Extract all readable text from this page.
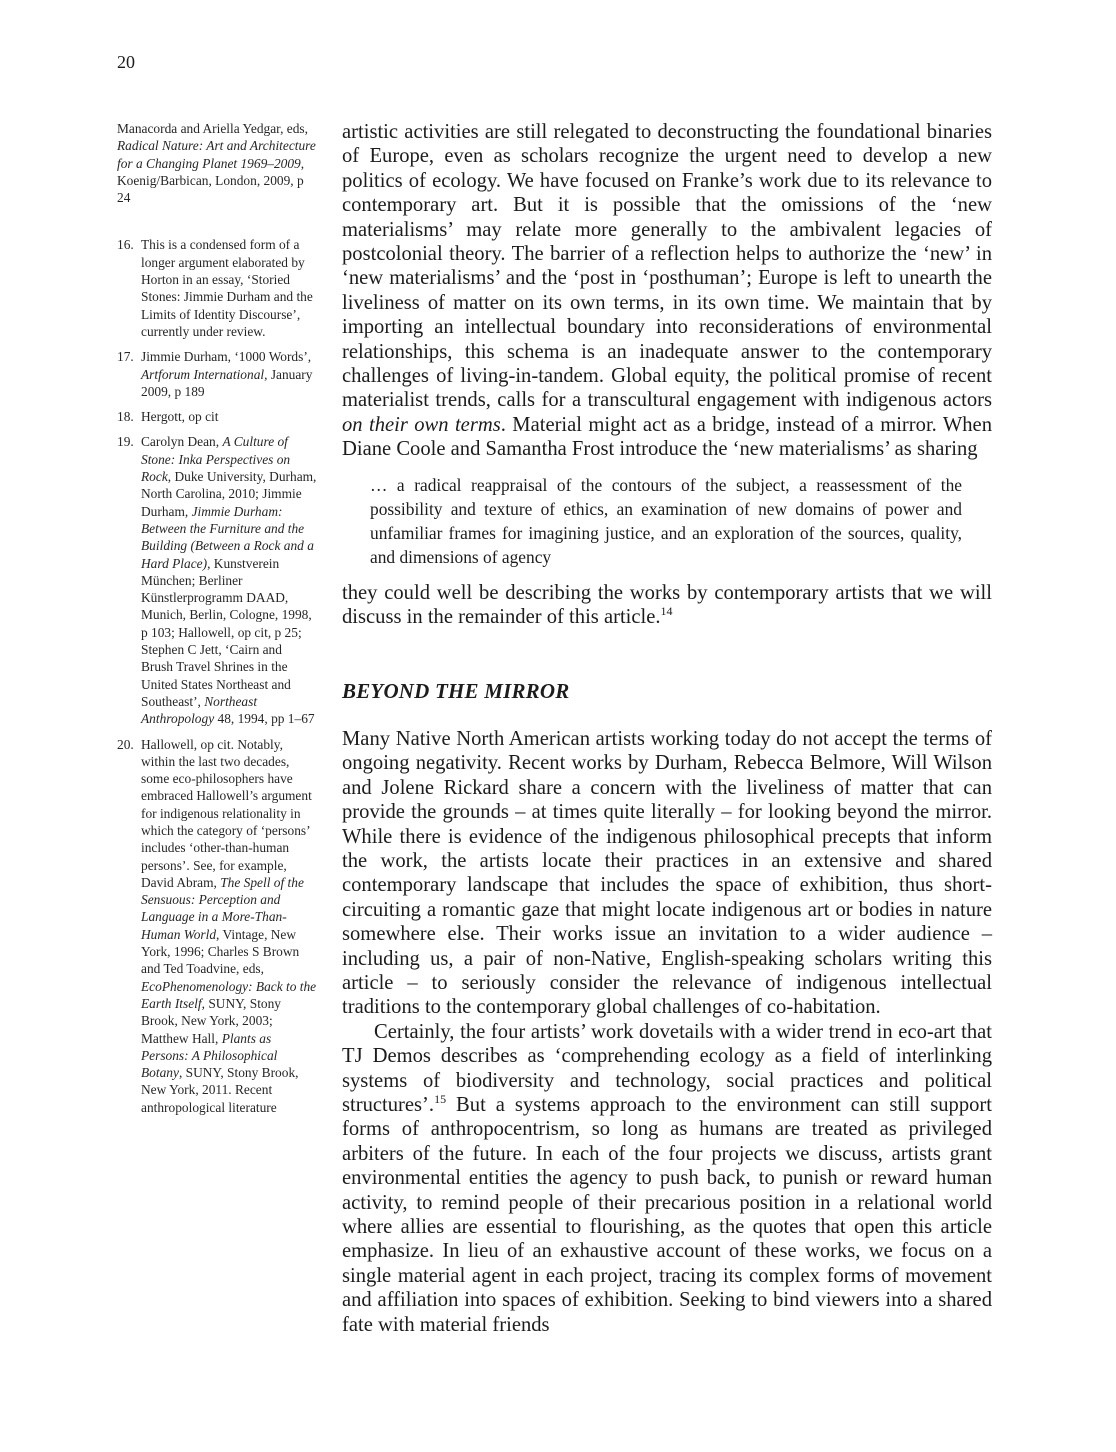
20
Manacorda and Ariella Yedgar, eds, Radical Nature: Art and Architecture for a Changing Planet 1969–2009, Koenig/Barbican, London, 2009, p 24
16. This is a condensed form of a longer argument elaborated by Horton in an essay, ‘Storied Stones: Jimmie Durham and the Limits of Identity Discourse’, currently under review.
17. Jimmie Durham, ‘1000 Words’, Artforum International, January 2009, p 189
18. Hergott, op cit
19. Carolyn Dean, A Culture of Stone: Inka Perspectives on Rock, Duke University, Durham, North Carolina, 2010; Jimmie Durham, Jimmie Durham: Between the Furniture and the Building (Between a Rock and a Hard Place), Kunstverein München; Berliner Künstlerprogramm DAAD, Munich, Berlin, Cologne, 1998, p 103; Hallowell, op cit, p 25; Stephen C Jett, ‘Cairn and Brush Travel Shrines in the United States Northeast and Southeast’, Northeast Anthropology 48, 1994, pp 1–67
20. Hallowell, op cit. Notably, within the last two decades, some eco-philosophers have embraced Hallowell’s argument for indigenous relationality in which the category of ‘persons’ includes ‘other-than-human persons’. See, for example, David Abram, The Spell of the Sensuous: Perception and Language in a More-Than-Human World, Vintage, New York, 1996; Charles S Brown and Ted Toadvine, eds, EcoPhenomenology: Back to the Earth Itself, SUNY, Stony Brook, New York, 2003; Matthew Hall, Plants as Persons: A Philosophical Botany, SUNY, Stony Brook, New York, 2011. Recent anthropological literature

artistic activities are still relegated to deconstructing the foundational binaries of Europe, even as scholars recognize the urgent need to develop a new politics of ecology. We have focused on Franke’s work due to its relevance to contemporary art. But it is possible that the omissions of the ‘new materialisms’ may relate more generally to the ambivalent legacies of postcolonial theory. The barrier of a reflection helps to authorize the ‘new’ in ‘new materialisms’ and the ‘post in ‘posthuman’; Europe is left to unearth the liveliness of matter on its own terms, in its own time. We maintain that by importing an intellectual boundary into reconsiderations of environmental relationships, this schema is an inadequate answer to the contemporary challenges of living-in-tandem. Global equity, the political promise of recent materialist trends, calls for a transcultural engagement with indigenous actors on their own terms. Material might act as a bridge, instead of a mirror. When Diane Coole and Samantha Frost introduce the ‘new materialisms’ as sharing

… a radical reappraisal of the contours of the subject, a reassessment of the possibility and texture of ethics, an examination of new domains of power and unfamiliar frames for imagining justice, and an exploration of the sources, quality, and dimensions of agency

they could well be describing the works by contemporary artists that we will discuss in the remainder of this article.$^{14}$

BEYOND THE MIRROR

Many Native North American artists working today do not accept the terms of ongoing negativity. Recent works by Durham, Rebecca Belmore, Will Wilson and Jolene Rickard share a concern with the liveliness of matter that can provide the grounds – at times quite literally – for looking beyond the mirror. While there is evidence of the indigenous philosophical precepts that inform the work, the artists locate their practices in an extensive and shared contemporary landscape that includes the space of exhibition, thus short-circuiting a romantic gaze that might locate indigenous art or bodies in nature somewhere else. Their works issue an invitation to a wider audience – including us, a pair of non-Native, English-speaking scholars writing this article – to seriously consider the relevance of indigenous intellectual traditions to the contemporary global challenges of co-habitation.

Certainly, the four artists’ work dovetails with a wider trend in eco-art that TJ Demos describes as ‘comprehending ecology as a field of interlinking systems of biodiversity and technology, social practices and political structures’.$^{15}$ But a systems approach to the environment can still support forms of anthropocentrism, so long as humans are treated as privileged arbiters of the future. In each of the four projects we discuss, artists grant environmental entities the agency to push back, to punish or reward human activity, to remind people of their precarious position in a relational world where allies are essential to flourishing, as the quotes that open this article emphasize. In lieu of an exhaustive account of these works, we focus on a single material agent in each project, tracing its complex forms of movement and affiliation into spaces of exhibition. Seeking to bind viewers into a shared fate with material friends
